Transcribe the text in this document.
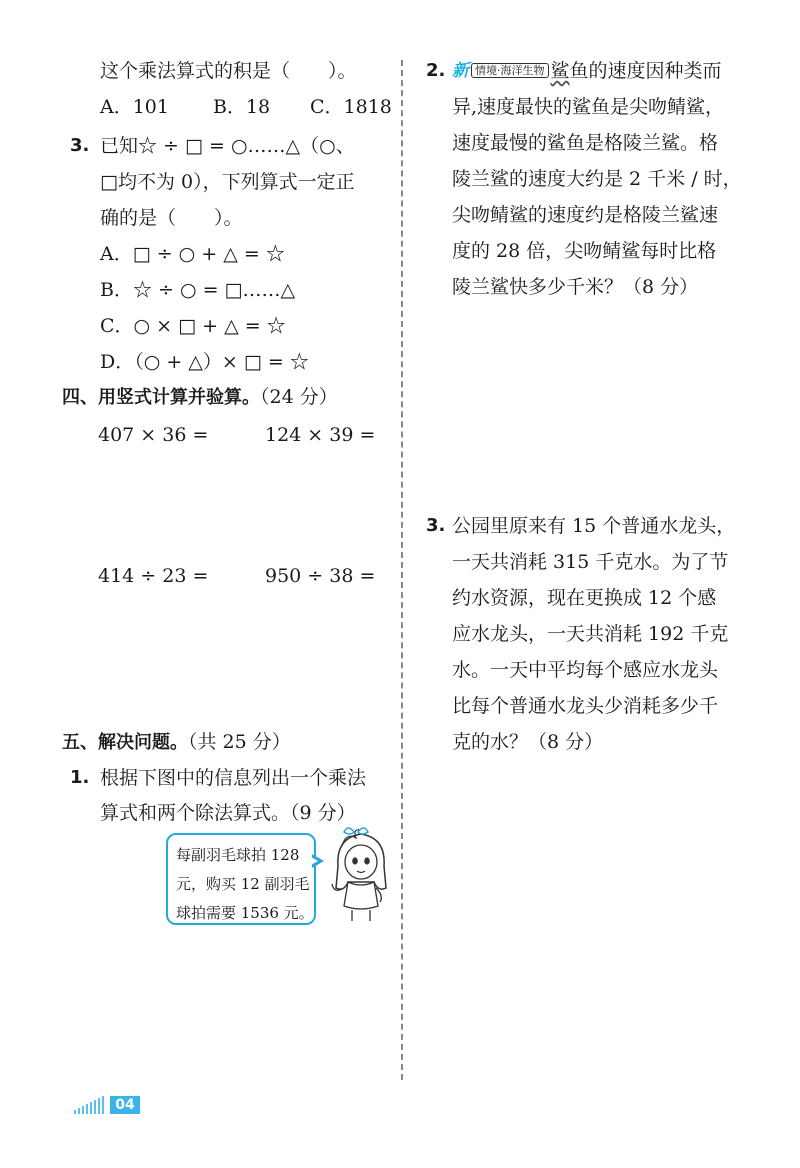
这个乘法算式的积是（　　）。
A．101 B．18 C．1818
3. 已知☆ ÷ □ = ○……△（○、
□均不为 0），下列算式一定正
确的是（　　）。
A．□ ÷ ○ + △ = ☆
B．☆ ÷ ○ = □……△
C．○ × □ + △ = ☆
D．（○ + △）× □ = ☆
四、用竖式计算并验算。（24 分）
407 × 36 =	124 × 39 =
414 ÷ 23 =	950 ÷ 38 =
五、解决问题。（共 25 分）
1. 根据下图中的信息列出一个乘法
算式和两个除法算式。（9 分）
每副羽毛球拍 128
元，购买 12 副羽毛
球拍需要 1536 元。
2. 新 情境·海洋生物 鲨鱼的速度因种类而
异,速度最快的鲨鱼是尖吻鲭鲨，
速度最慢的鲨鱼是格陵兰鲨。格
陵兰鲨的速度大约是 2 千米 / 时，
尖吻鲭鲨的速度约是格陵兰鲨速
度的 28 倍，尖吻鲭鲨每时比格
陵兰鲨快多少千米？（8 分）
3. 公园里原来有 15 个普通水龙头，
一天共消耗 315 千克水。为了节
约水资源，现在更换成 12 个感
应水龙头，一天共消耗 192 千克
水。一天中平均每个感应水龙头
比每个普通水龙头少消耗多少千
克的水？（8 分）
04
